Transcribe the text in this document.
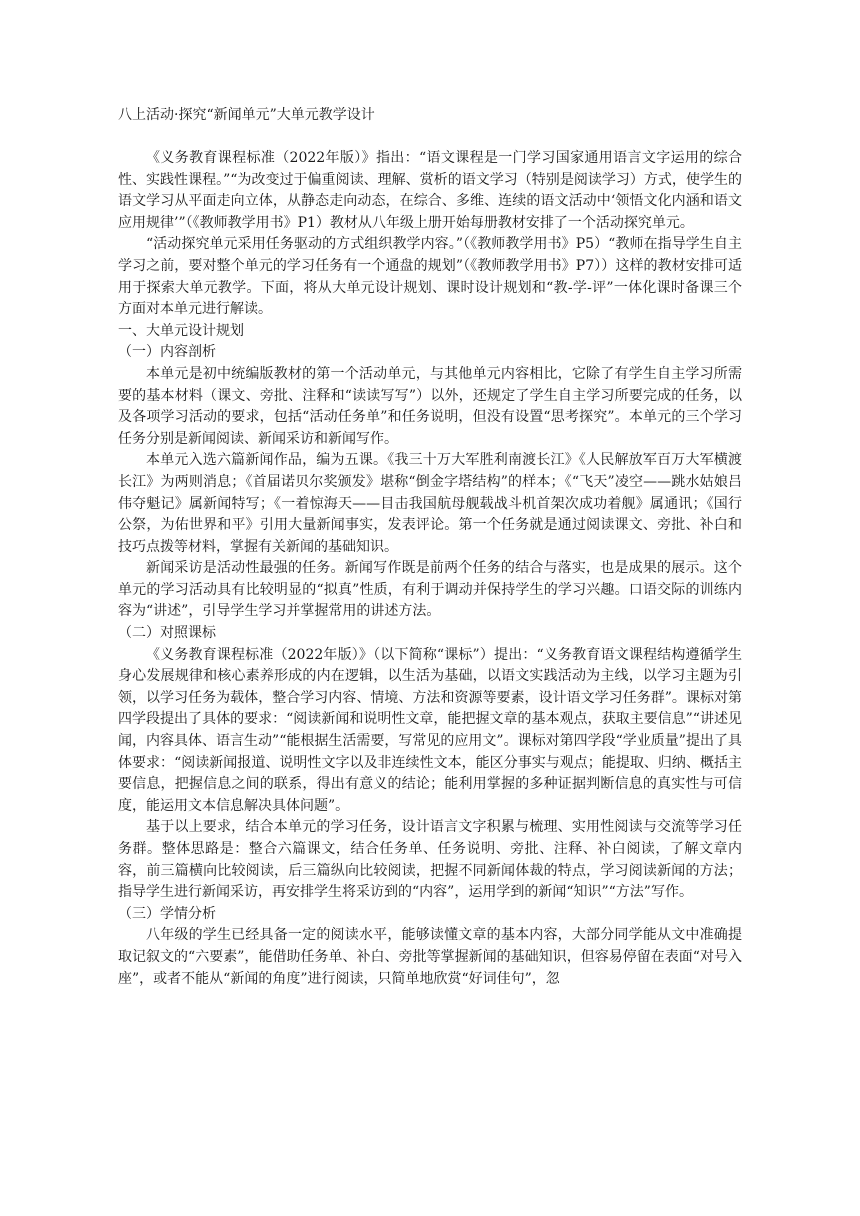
八上活动·探究“新闻单元”大单元教学设计

《义务教育课程标准（2022年版）》指出：“语文课程是一门学习国家通用语言文字运用的综合性、实践性课程。”“为改变过于偏重阅读、理解、赏析的语文学习（特别是阅读学习）方式，使学生的语文学习从平面走向立体，从静态走向动态，在综合、多维、连续的语文活动中‘领悟文化内涵和语文应用规律’”（《教师教学用书》P1）教材从八年级上册开始每册教材安排了一个活动探究单元。

“活动探究单元采用任务驱动的方式组织教学内容。”（《教师教学用书》P5）“教师在指导学生自主学习之前，要对整个单元的学习任务有一个通盘的规划”（《教师教学用书》P7））这样的教材安排可适用于探索大单元教学。下面，将从大单元设计规划、课时设计规划和“教-学-评”一体化课时备课三个方面对本单元进行解读。

一、大单元设计规划

（一）内容剖析

本单元是初中统编版教材的第一个活动单元，与其他单元内容相比，它除了有学生自主学习所需要的基本材料（课文、旁批、注释和“读读写写”）以外，还规定了学生自主学习所要完成的任务，以及各项学习活动的要求，包括“活动任务单”和任务说明，但没有设置“思考探究”。本单元的三个学习任务分别是新闻阅读、新闻采访和新闻写作。

本单元入选六篇新闻作品，编为五课。《我三十万大军胜利南渡长江》《人民解放军百万大军横渡长江》为两则消息；《首届诺贝尔奖颁发》堪称“倒金字塔结构”的样本；《“飞天”凌空——跳水姑娘吕伟夺魁记》属新闻特写；《一着惊海天——目击我国航母舰载战斗机首架次成功着舰》属通讯；《国行公祭，为佑世界和平》引用大量新闻事实，发表评论。第一个任务就是通过阅读课文、旁批、补白和技巧点拨等材料，掌握有关新闻的基础知识。

新闻采访是活动性最强的任务。新闻写作既是前两个任务的结合与落实，也是成果的展示。这个单元的学习活动具有比较明显的“拟真”性质，有利于调动并保持学生的学习兴趣。口语交际的训练内容为“讲述”，引导学生学习并掌握常用的讲述方法。

（二）对照课标

《义务教育课程标准（2022年版）》（以下简称“课标”）提出：“义务教育语文课程结构遵循学生身心发展规律和核心素养形成的内在逻辑，以生活为基础，以语文实践活动为主线，以学习主题为引领，以学习任务为载体，整合学习内容、情境、方法和资源等要素，设计语文学习任务群”。课标对第四学段提出了具体的要求：“阅读新闻和说明性文章，能把握文章的基本观点，获取主要信息”“讲述见闻，内容具体、语言生动”“能根据生活需要，写常见的应用文”。课标对第四学段“学业质量”提出了具体要求：“阅读新闻报道、说明性文字以及非连续性文本，能区分事实与观点；能提取、归纳、概括主要信息，把握信息之间的联系，得出有意义的结论；能利用掌握的多种证据判断信息的真实性与可信度，能运用文本信息解决具体问题”。

基于以上要求，结合本单元的学习任务，设计语言文字积累与梳理、实用性阅读与交流等学习任务群。整体思路是：整合六篇课文，结合任务单、任务说明、旁批、注释、补白阅读，了解文章内容，前三篇横向比较阅读，后三篇纵向比较阅读，把握不同新闻体裁的特点，学习阅读新闻的方法；指导学生进行新闻采访，再安排学生将采访到的“内容”，运用学到的新闻“知识”“方法”写作。

（三）学情分析

八年级的学生已经具备一定的阅读水平，能够读懂文章的基本内容，大部分同学能从文中准确提取记叙文的“六要素”，能借助任务单、补白、旁批等掌握新闻的基础知识，但容易停留在表面“对号入座”，或者不能从“新闻的角度”进行阅读，只简单地欣赏“好词佳句”，忽
